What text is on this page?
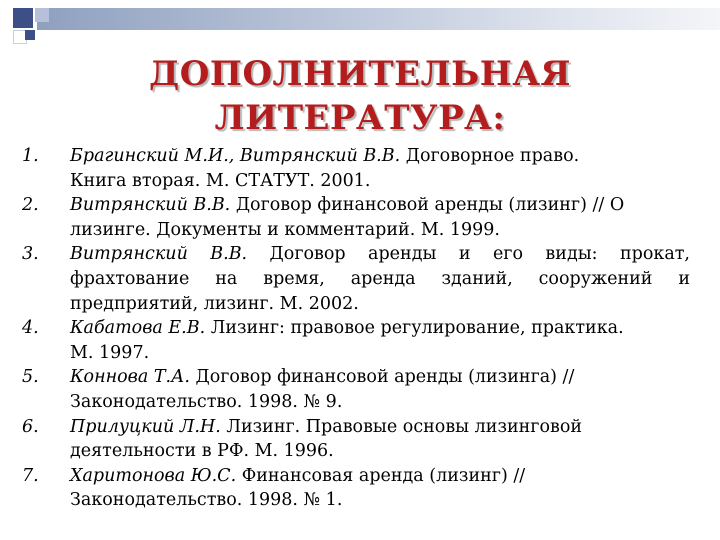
ДОПОЛНИТЕЛЬНАЯ
ЛИТЕРАТУРА:
1. Брагинский М.И., Витрянский В.В. Договорное право.
Книга вторая. М. СТАТУТ. 2001.
2. Витрянский В.В. Договор финансовой аренды (лизинг) // О
лизинге. Документы и комментарий. М. 1999.
3. Витрянский В.В. Договор аренды и его виды: прокат,
фрахтование на время, аренда зданий, сооружений и
предприятий, лизинг. М. 2002.
4. Кабатова Е.В. Лизинг: правовое регулирование, практика.
М. 1997.
5. Коннова Т.А. Договор финансовой аренды (лизинга) //
Законодательство. 1998. № 9.
6. Прилуцкий Л.Н. Лизинг. Правовые основы лизинговой
деятельности в РФ. М. 1996.
7. Харитонова Ю.С. Финансовая аренда (лизинг) //
Законодательство. 1998. № 1.
